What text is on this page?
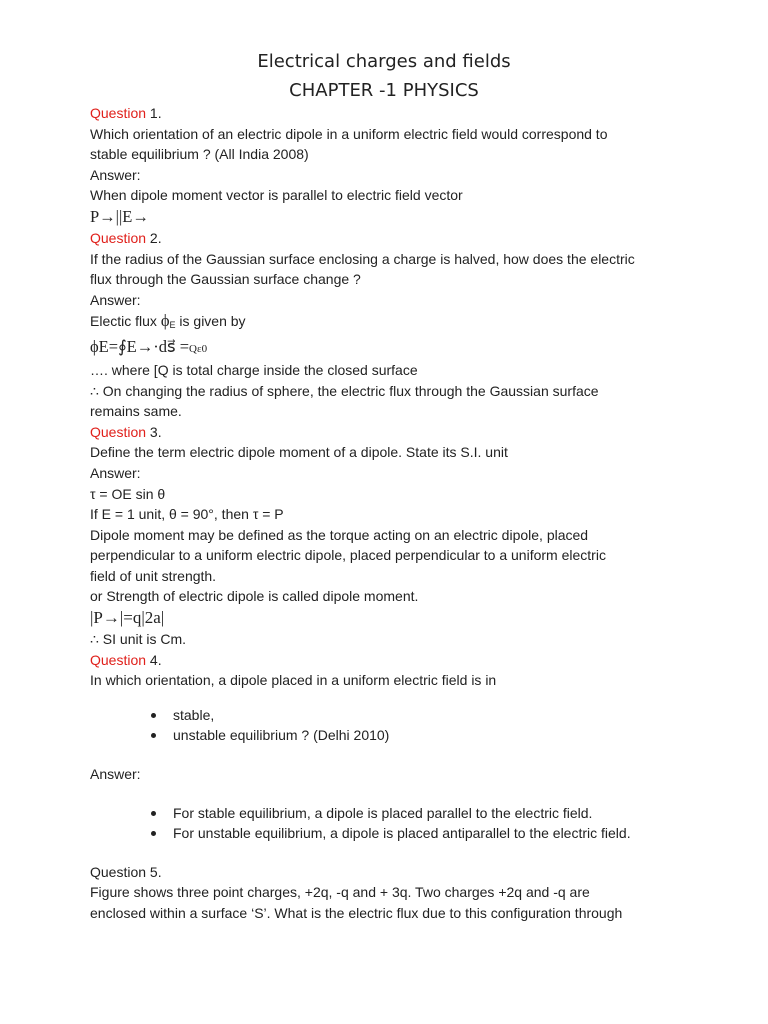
Electrical charges and fields
CHAPTER -1 PHYSICS
Question 1.
Which orientation of an electric dipole in a uniform electric field would correspond to
stable equilibrium ? (All India 2008)
Answer:
When dipole moment vector is parallel to electric field vector
P→||E→
Question 2.
If the radius of the Gaussian surface enclosing a charge is halved, how does the electric
flux through the Gaussian surface change ?
Answer:
Electic flux $\phi_E$ is given by
ϕE=∮E→·ds⃗ =Qε0
…. where [Q is total charge inside the closed surface
∴ On changing the radius of sphere, the electric flux through the Gaussian surface
remains same.
Question 3.
Define the term electric dipole moment of a dipole. State its S.I. unit
Answer:
τ = OE sin θ
If E = 1 unit, θ = 90°, then τ = P
Dipole moment may be defined as the torque acting on an electric dipole, placed
perpendicular to a uniform electric dipole, placed perpendicular to a uniform electric
field of unit strength.
or Strength of electric dipole is called dipole moment.
|P→|=q|2a|
∴ SI unit is Cm.
Question 4.
In which orientation, a dipole placed in a uniform electric field is in
stable,
unstable equilibrium ? (Delhi 2010)
Answer:
For stable equilibrium, a dipole is placed parallel to the electric field.
For unstable equilibrium, a dipole is placed antiparallel to the electric field.
Question 5.
Figure shows three point charges, +2q, -q and + 3q. Two charges +2q and -q are
enclosed within a surface ‘S’. What is the electric flux due to this configuration through
